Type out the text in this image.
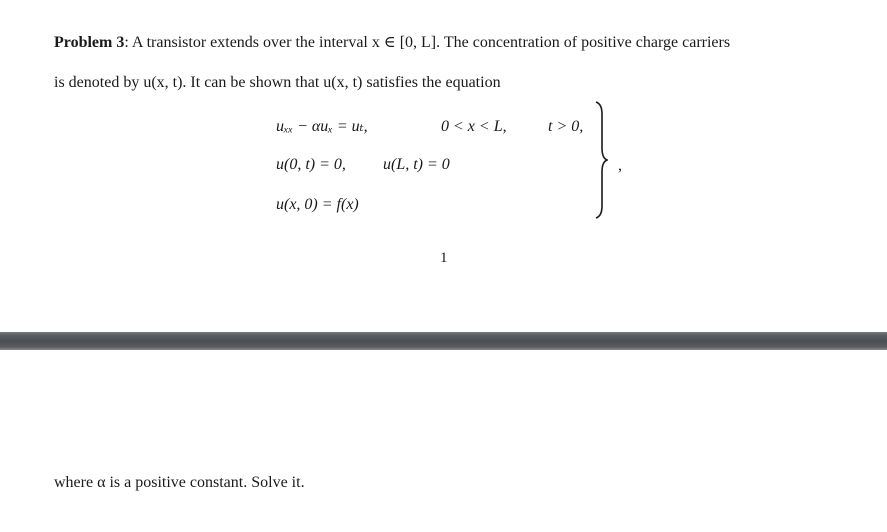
Problem 3: A transistor extends over the interval x ∈ [0, L]. The concentration of positive charge carriers
is denoted by u(x, t). It can be shown that u(x, t) satisfies the equation
uₓₓ − αuₓ = uₜ,	0 < x < L,	t > 0,
u(0, t) = 0, u(L, t) = 0
u(x, 0) = f(x)
,
1
where α is a positive constant. Solve it.
